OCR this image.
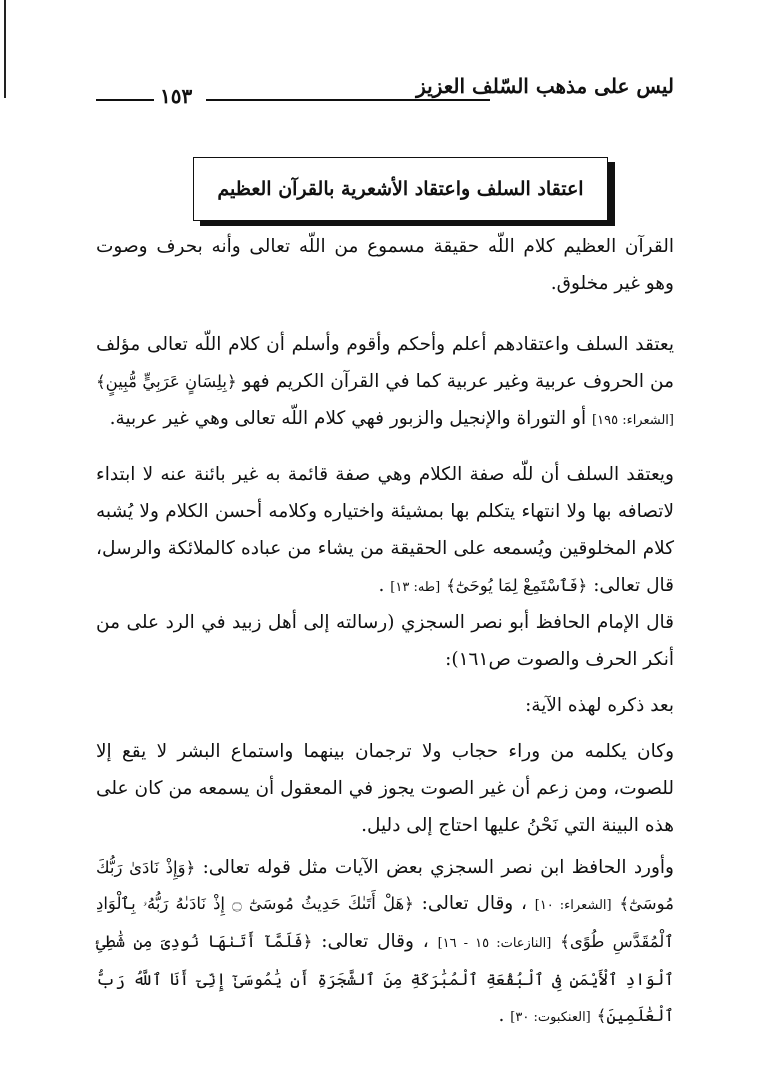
١٥٣	ليس على مذهب السّلف العزيز
اعتقاد السلف واعتقاد الأشعرية بالقرآن العظيم

القرآن العظيم كلام اللّه حقيقة مسموع من اللّه تعالى وأنه بحرف وصوت وهو غير مخلوق.

يعتقد السلف واعتقادهم أعلم وأحكم وأقوم وأسلم أن كلام اللّه تعالى مؤلف من الحروف عربية وغير عربية كما في القرآن الكريم فهو ﴿بِلِسَانٍ عَرَبِيٍّ مُّبِينٍ﴾ [الشعراء: ١٩٥] أو التوراة والإنجيل والزبور فهي كلام اللّه تعالى وهي غير عربية.

ويعتقد السلف أن للّه صفة الكلام وهي صفة قائمة به غير بائنة عنه لا ابتداء لاتصافه بها ولا انتهاء يتكلم بها بمشيئة واختياره وكلامه أحسن الكلام ولا يُشبه كلام المخلوقين ويُسمعه على الحقيقة من يشاء من عباده كالملائكة والرسل، قال تعالى: ﴿فَٱسْتَمِعْ لِمَا يُوحَىٰٓ﴾ [طه: ١٣] .

قال الإمام الحافظ أبو نصر السجزي (رسالته إلى أهل زبيد في الرد على من أنكر الحرف والصوت ص١٦١):

بعد ذكره لهذه الآية:

وكان يكلمه من وراء حجاب ولا ترجمان بينهما واستماع البشر لا يقع إلا للصوت، ومن زعم أن غير الصوت يجوز في المعقول أن يسمعه من كان على هذه البينة التي نَحْنُ عليها احتاج إلى دليل.

وأورد الحافظ ابن نصر السجزي بعض الآيات مثل قوله تعالى: ﴿وَإِذْ نَادَىٰ رَبُّكَ مُوسَىٰٓ﴾ [الشعراء: ١٠] ، وقال تعالى: ﴿هَلْ أَتَىٰكَ حَدِيثُ مُوسَىٰٓ ۝ إِذْ نَادَىٰهُ رَبُّهُۥ بِٱلْوَادِ ٱلْمُقَدَّسِ طُوًى﴾ [النازعات: ١٥ - ١٦] ، وقال تعالى: ﴿فَلَمَّآ أَتَىٰهَا نُودِىَ مِن شَٰطِئِ ٱلْوَادِ ٱلْأَيْمَنِ فِى ٱلْبُقْعَةِ ٱلْمُبَٰرَكَةِ مِنَ ٱلشَّجَرَةِ أَن يَٰمُوسَىٰٓ إِنِّىٓ أَنَا ٱللَّهُ رَبُّ ٱلْعَٰلَمِينَ﴾ [العنكبوت: ٣٠] .
